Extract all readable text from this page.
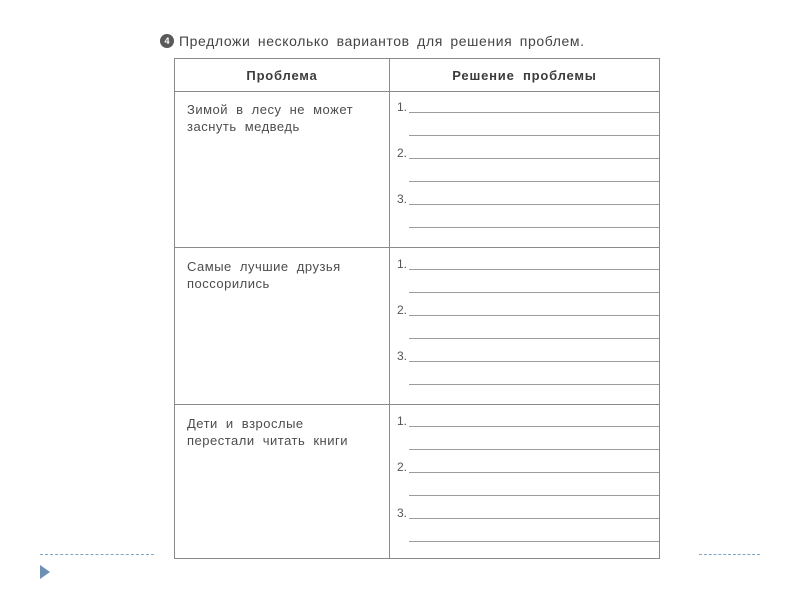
4 Предложи несколько вариантов для решения проблем.
Проблема	Решение проблемы
Зимой в лесу не может заснуть медведь
1.
2.
3.
Самые лучшие друзья поссорились
1.
2.
3.
Дети и взрослые перестали читать книги
1.
2.
3.
